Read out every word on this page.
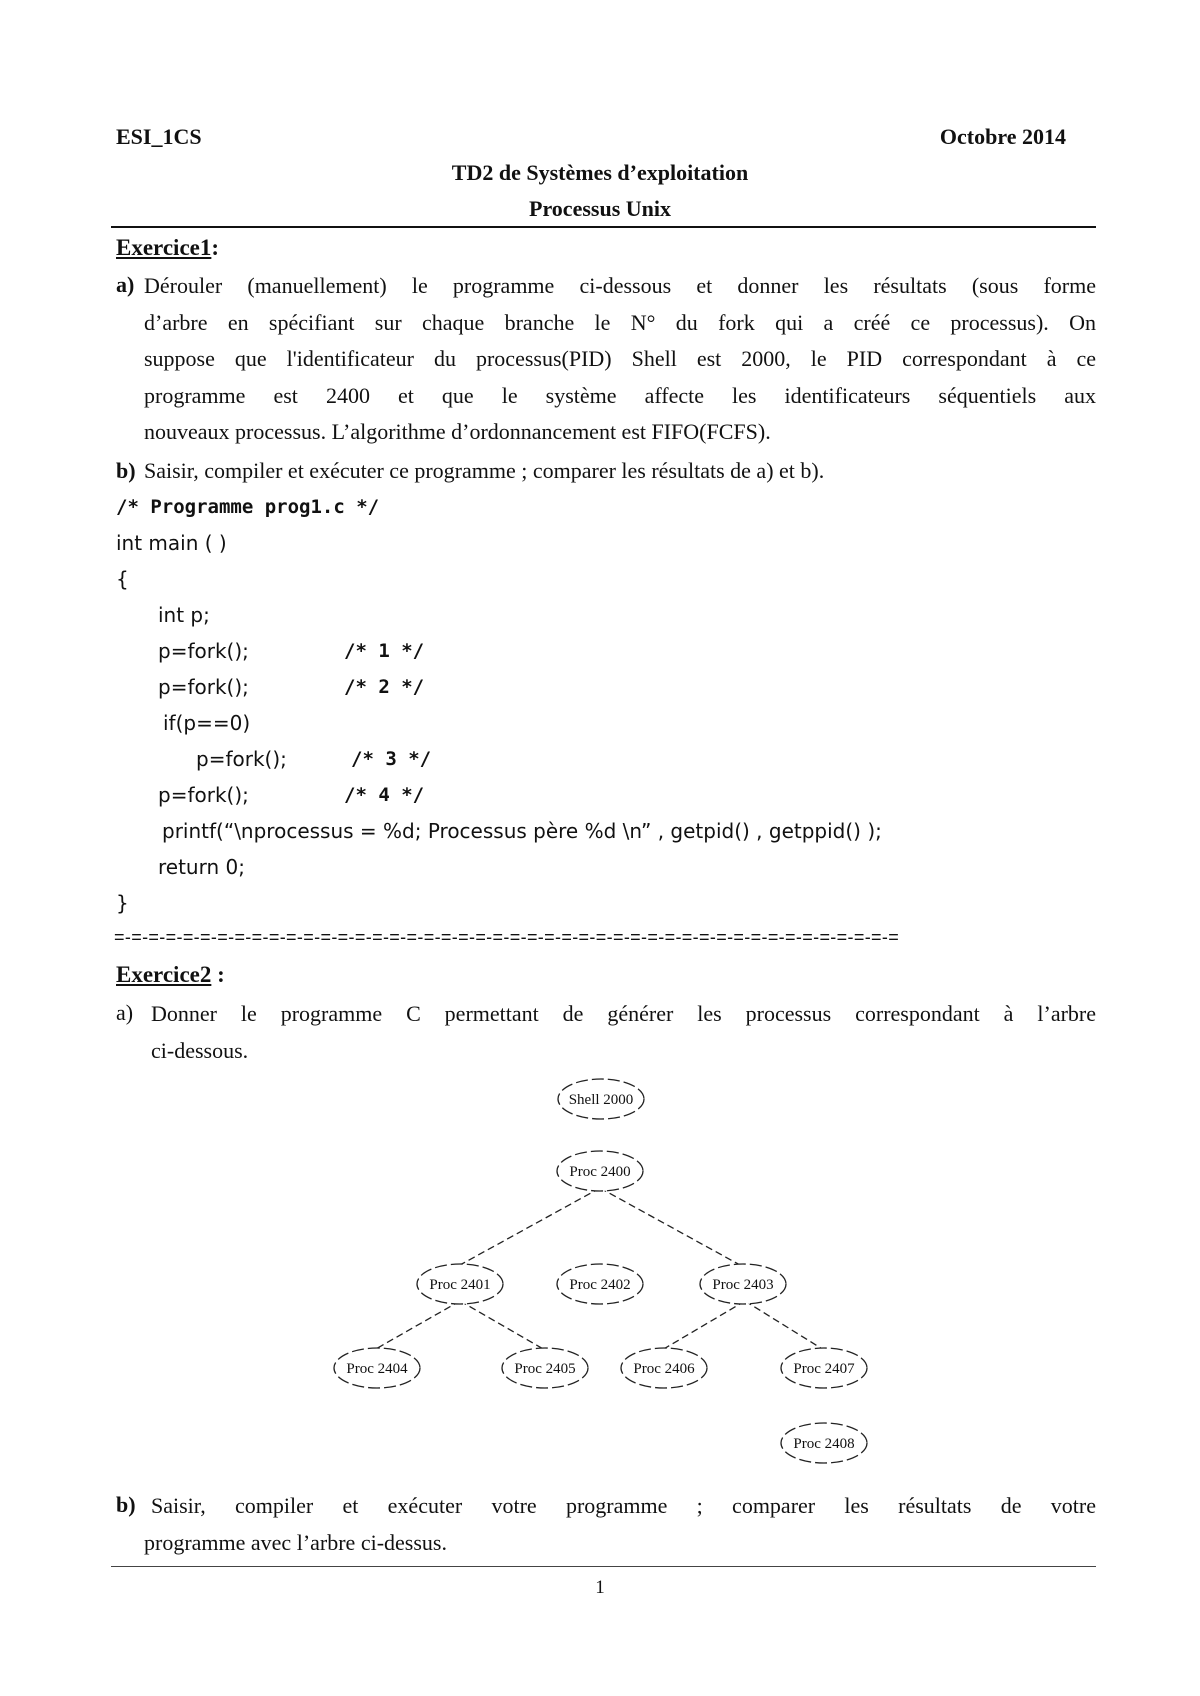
ESI_1CS	Octobre 2014
TD2 de Systèmes d’exploitation
Processus Unix
Exercice1:
a) Dérouler (manuellement) le programme ci-dessous et donner les résultats (sous forme
d’arbre en spécifiant sur chaque branche le N° du fork qui a créé ce processus). On
suppose que l'identificateur du processus(PID) Shell est 2000, le PID correspondant à ce
programme est 2400 et que le système affecte les identificateurs séquentiels aux
nouveaux processus. L’algorithme d’ordonnancement est FIFO(FCFS).
b) Saisir, compiler et exécuter ce programme ; comparer les résultats de a) et b).
/* Programme prog1.c */
int main ( )
{
int p;
p=fork();	/* 1 */
p=fork();	/* 2 */
if(p==0)
p=fork();	/* 3 */
p=fork();	/* 4 */
printf(“\nprocessus = %d; Processus père %d \n” , getpid() , getppid() );
return 0;
}
=-=-=-=-=-=-=-=-=-=-=-=-=-=-=-=-=-=-=-=-=-=-=-=-=-=-=-=-=-=-=-=-=-=-=-=-=-=-=-=-=-=-=-=-=-=
Exercice2 :
a) Donner le programme C permettant de générer les processus correspondant à l’arbre
ci-dessous.
Shell 2000
Proc 2400
Proc 2401	Proc 2402	Proc 2403
Proc 2404	Proc 2405	Proc 2406	Proc 2407
Proc 2408
b) Saisir, compiler et exécuter votre programme ; comparer les résultats de votre
programme avec l’arbre ci-dessus.
1
